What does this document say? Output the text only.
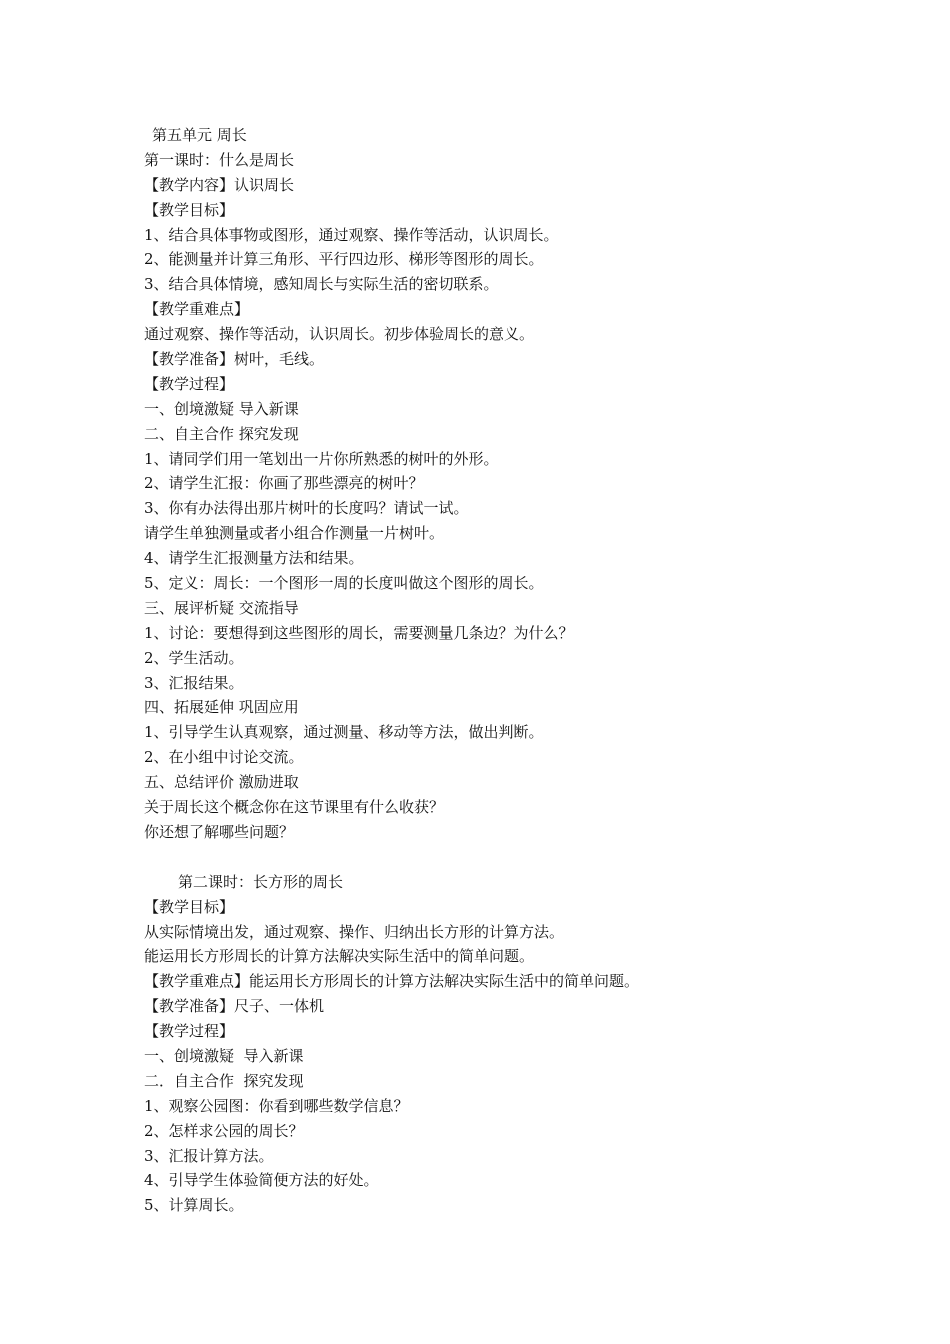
第五单元 周长
第一课时：什么是周长
【教学内容】认识周长
【教学目标】
1、结合具体事物或图形，通过观察、操作等活动，认识周长。
2、能测量并计算三角形、平行四边形、梯形等图形的周长。
3、结合具体情境，感知周长与实际生活的密切联系。
【教学重难点】
通过观察、操作等活动，认识周长。初步体验周长的意义。
【教学准备】树叶，毛线。
【教学过程】
一、创境激疑 导入新课
二、自主合作 探究发现
1、请同学们用一笔划出一片你所熟悉的树叶的外形。
2、请学生汇报：你画了那些漂亮的树叶？
3、你有办法得出那片树叶的长度吗？请试一试。
请学生单独测量或者小组合作测量一片树叶。
4、请学生汇报测量方法和结果。
5、定义：周长：一个图形一周的长度叫做这个图形的周长。
三、展评析疑 交流指导
1、讨论：要想得到这些图形的周长，需要测量几条边？为什么？
2、学生活动。
3、汇报结果。
四、拓展延伸 巩固应用
1、引导学生认真观察，通过测量、移动等方法，做出判断。
2、在小组中讨论交流。
五、总结评价 激励进取
关于周长这个概念你在这节课里有什么收获？
你还想了解哪些问题？
第二课时：长方形的周长
【教学目标】
从实际情境出发，通过观察、操作、归纳出长方形的计算方法。
能运用长方形周长的计算方法解决实际生活中的简单问题。
【教学重难点】能运用长方形周长的计算方法解决实际生活中的简单问题。
【教学准备】尺子、一体机
【教学过程】
一、创境激疑  导入新课
二．自主合作  探究发现
1、观察公园图：你看到哪些数学信息？
2、怎样求公园的周长？
3、汇报计算方法。
4、引导学生体验简便方法的好处。
5、计算周长。
